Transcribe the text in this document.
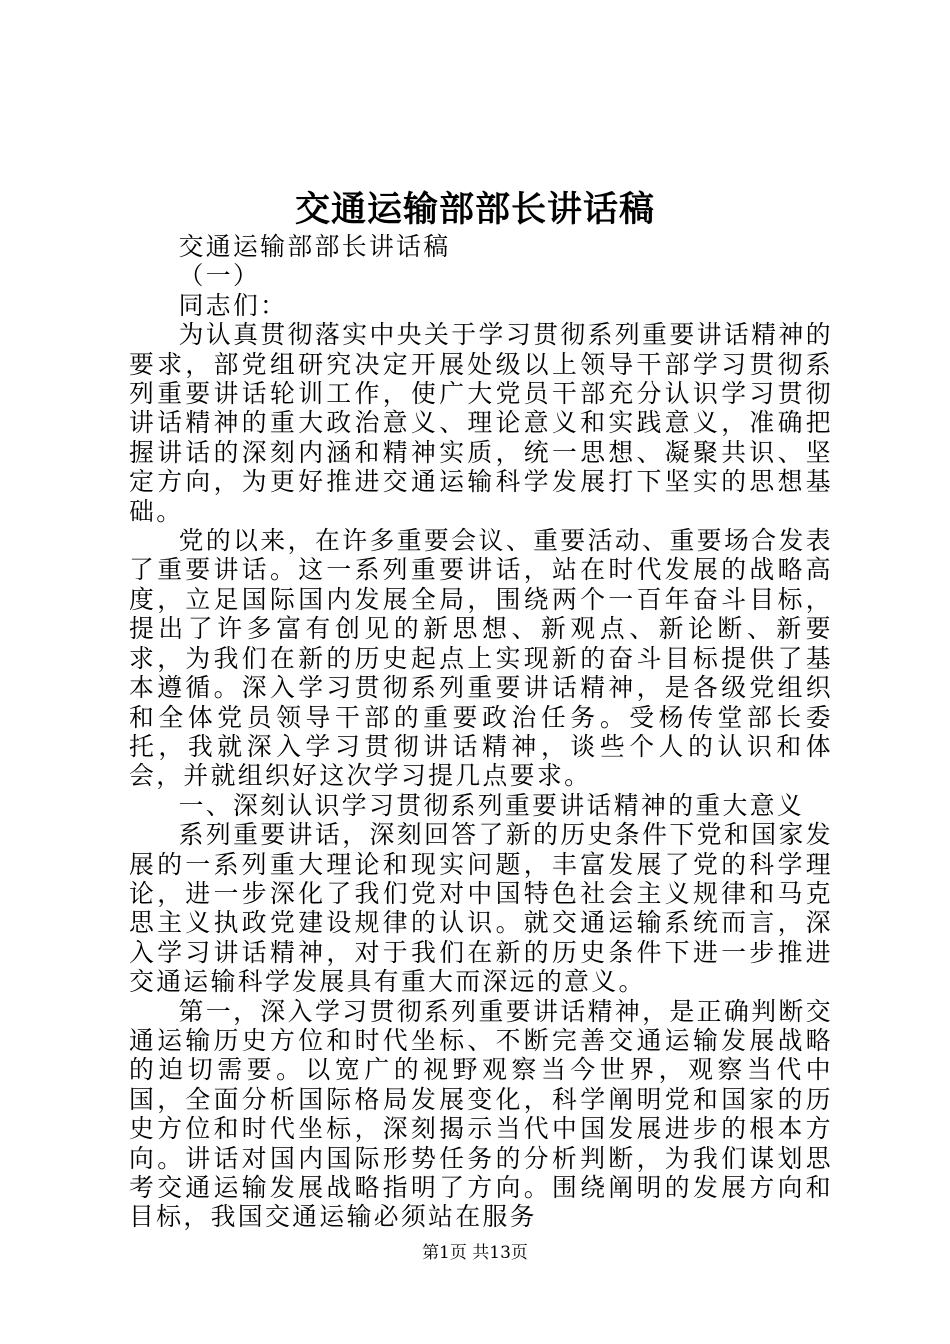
交通运输部部长讲话稿

交通运输部部长讲话稿

（一）

同志们：

为认真贯彻落实中央关于学习贯彻系列重要讲话精神的要求，部党组研究决定开展处级以上领导干部学习贯彻系列重要讲话轮训工作，使广大党员干部充分认识学习贯彻讲话精神的重大政治意义、理论意义和实践意义，准确把握讲话的深刻内涵和精神实质，统一思想、凝聚共识、坚定方向，为更好推进交通运输科学发展打下坚实的思想基础。

党的以来，在许多重要会议、重要活动、重要场合发表了重要讲话。这一系列重要讲话，站在时代发展的战略高度，立足国际国内发展全局，围绕两个一百年奋斗目标，提出了许多富有创见的新思想、新观点、新论断、新要求，为我们在新的历史起点上实现新的奋斗目标提供了基本遵循。深入学习贯彻系列重要讲话精神，是各级党组织和全体党员领导干部的重要政治任务。受杨传堂部长委托，我就深入学习贯彻讲话精神，谈些个人的认识和体会，并就组织好这次学习提几点要求。

一、深刻认识学习贯彻系列重要讲话精神的重大意义

系列重要讲话，深刻回答了新的历史条件下党和国家发展的一系列重大理论和现实问题，丰富发展了党的科学理论，进一步深化了我们党对中国特色社会主义规律和马克思主义执政党建设规律的认识。就交通运输系统而言，深入学习讲话精神，对于我们在新的历史条件下进一步推进交通运输科学发展具有重大而深远的意义。

第一，深入学习贯彻系列重要讲话精神，是正确判断交通运输历史方位和时代坐标、不断完善交通运输发展战略的迫切需要。以宽广的视野观察当今世界，观察当代中国，全面分析国际格局发展变化，科学阐明党和国家的历史方位和时代坐标，深刻揭示当代中国发展进步的根本方向。讲话对国内国际形势任务的分析判断，为我们谋划思考交通运输发展战略指明了方向。围绕阐明的发展方向和目标，我国交通运输必须站在服务

第1页 共13页
